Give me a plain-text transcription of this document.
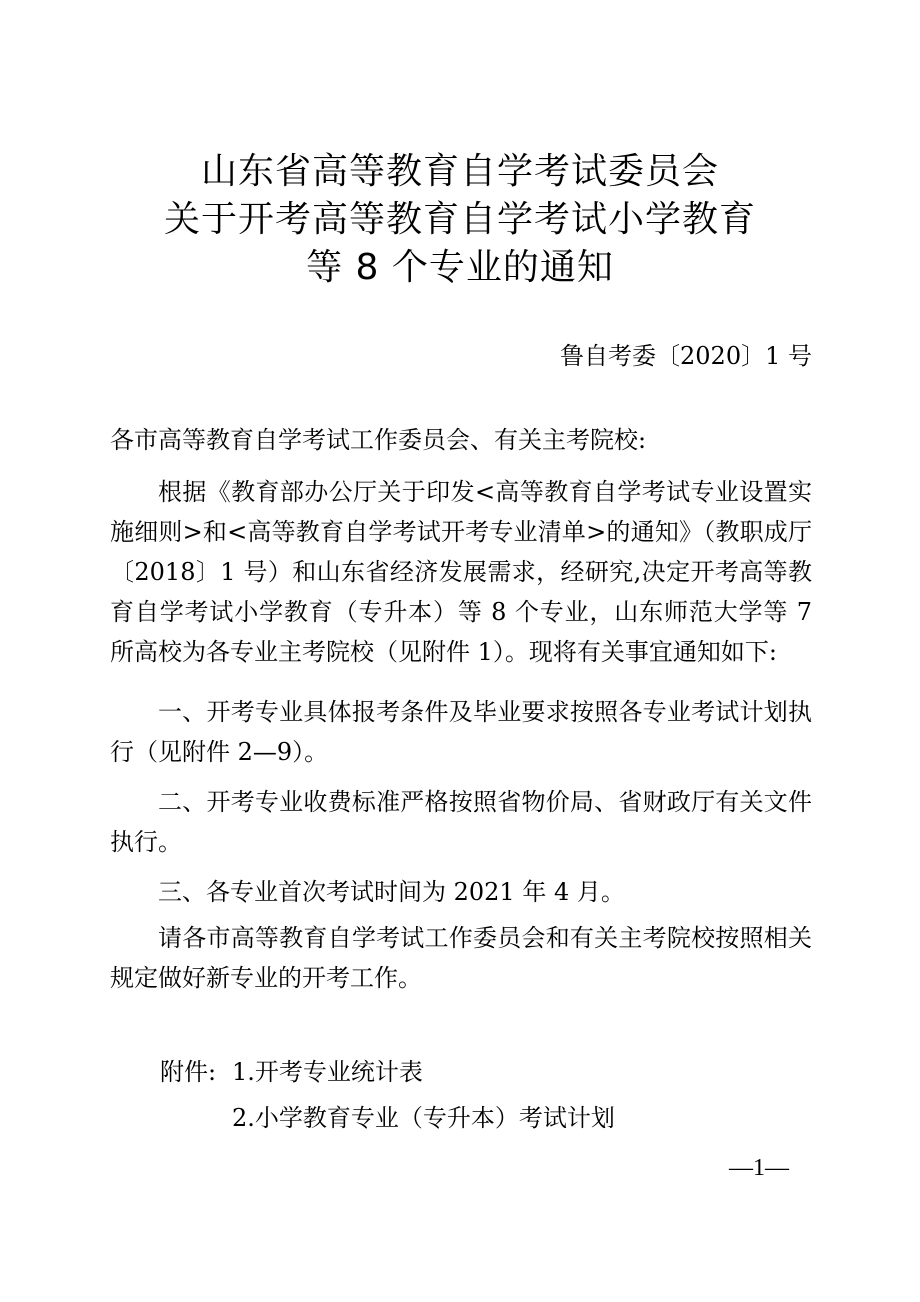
山东省高等教育自学考试委员会
关于开考高等教育自学考试小学教育
等 8 个专业的通知
鲁自考委〔2020〕1 号

各市高等教育自学考试工作委员会、有关主考院校:

根据《教育部办公厅关于印发<高等教育自学考试专业设置实施细则>和<高等教育自学考试开考专业清单>的通知》（教职成厅〔2018〕1 号）和山东省经济发展需求，经研究,决定开考高等教育自学考试小学教育（专升本）等 8 个专业，山东师范大学等 7 所高校为各专业主考院校（见附件 1）。现将有关事宜通知如下:

一、开考专业具体报考条件及毕业要求按照各专业考试计划执行（见附件 2—9）。

二、开考专业收费标准严格按照省物价局、省财政厅有关文件执行。

三、各专业首次考试时间为 2021 年 4 月。

请各市高等教育自学考试工作委员会和有关主考院校按照相关规定做好新专业的开考工作。

附件: 1.开考专业统计表
2.小学教育专业（专升本）考试计划
—1—
